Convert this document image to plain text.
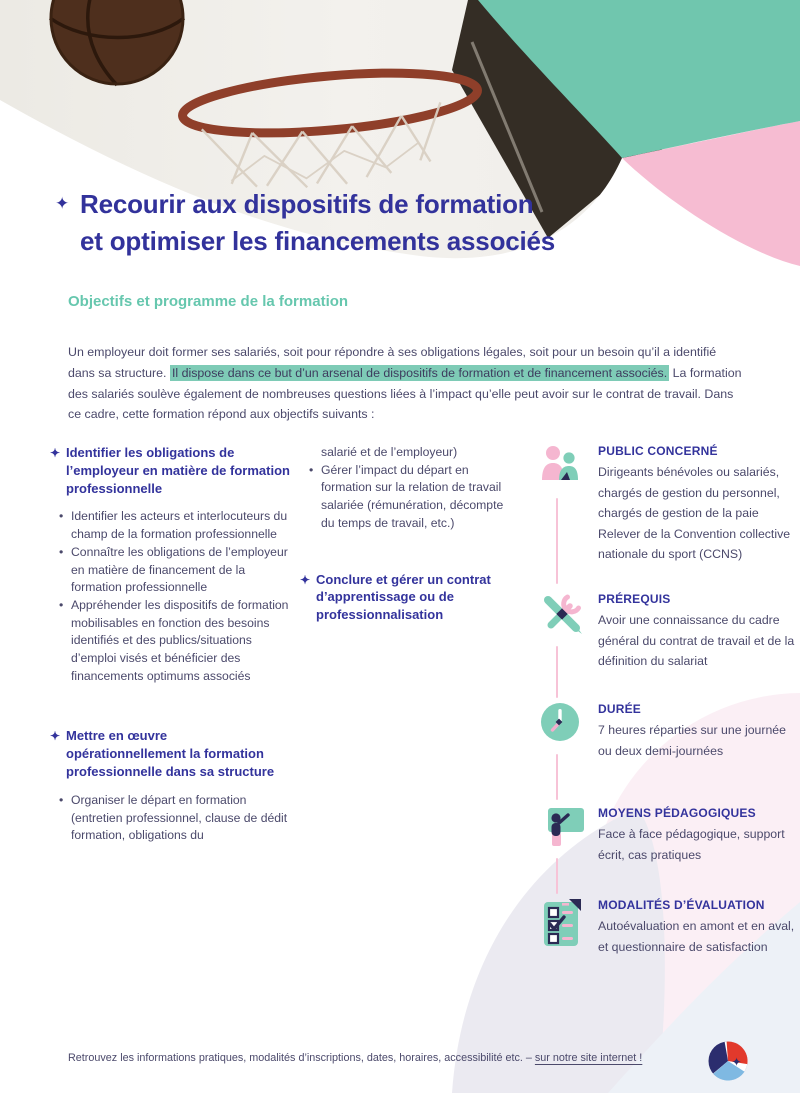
✦
Recourir aux dispositifs de formation
et optimiser les financements associés
Objectifs et programme de la formation

Un employeur doit former ses salariés, soit pour répondre à ses obligations légales, soit pour un besoin qu’il a identifié dans sa structure. Il dispose dans ce but d’un arsenal de dispositifs de formation et de financement associés. La formation des salariés soulève également de nombreuses questions liées à l’impact qu’elle peut avoir sur le contrat de travail. Dans ce cadre, cette formation répond aux objectifs suivants :

✦
Identifier les obligations de l’employeur en matière de formation professionnelle
• Identifier les acteurs et interlocuteurs du champ de la formation professionnelle
• Connaître les obligations de l’employeur en matière de financement de la formation professionnelle
• Appréhender les dispositifs de formation mobilisables en fonction des besoins identifiés et des publics/situations d’emploi visés et bénéficier des financements optimums associés
✦
Mettre en œuvre opérationnellement la formation professionnelle dans sa structure
• Organiser le départ en formation (entretien professionnel, clause de dédit formation, obligations du
salarié et de l’employeur)
• Gérer l’impact du départ en formation sur la relation de travail salariée (rémunération, décompte du temps de travail, etc.)
✦
Conclure et gérer un contrat d’apprentissage ou de professionnalisation
PUBLIC CONCERNÉ
Dirigeants bénévoles ou salariés, chargés de gestion du personnel, chargés de gestion de la paie
Relever de la Convention collective nationale du sport (CCNS)
PRÉREQUIS
Avoir une connaissance du cadre général du contrat de travail et de la définition du salariat
DURÉE
7 heures réparties sur une journée ou deux demi-journées
MOYENS PÉDAGOGIQUES
Face à face pédagogique, support écrit, cas pratiques
MODALITÉS D’ÉVALUATION
Autoévaluation en amont et en aval, et questionnaire de satisfaction
Retrouvez les informations pratiques, modalités d’inscriptions, dates, horaires, accessibilité etc. – sur notre site internet !	✦
